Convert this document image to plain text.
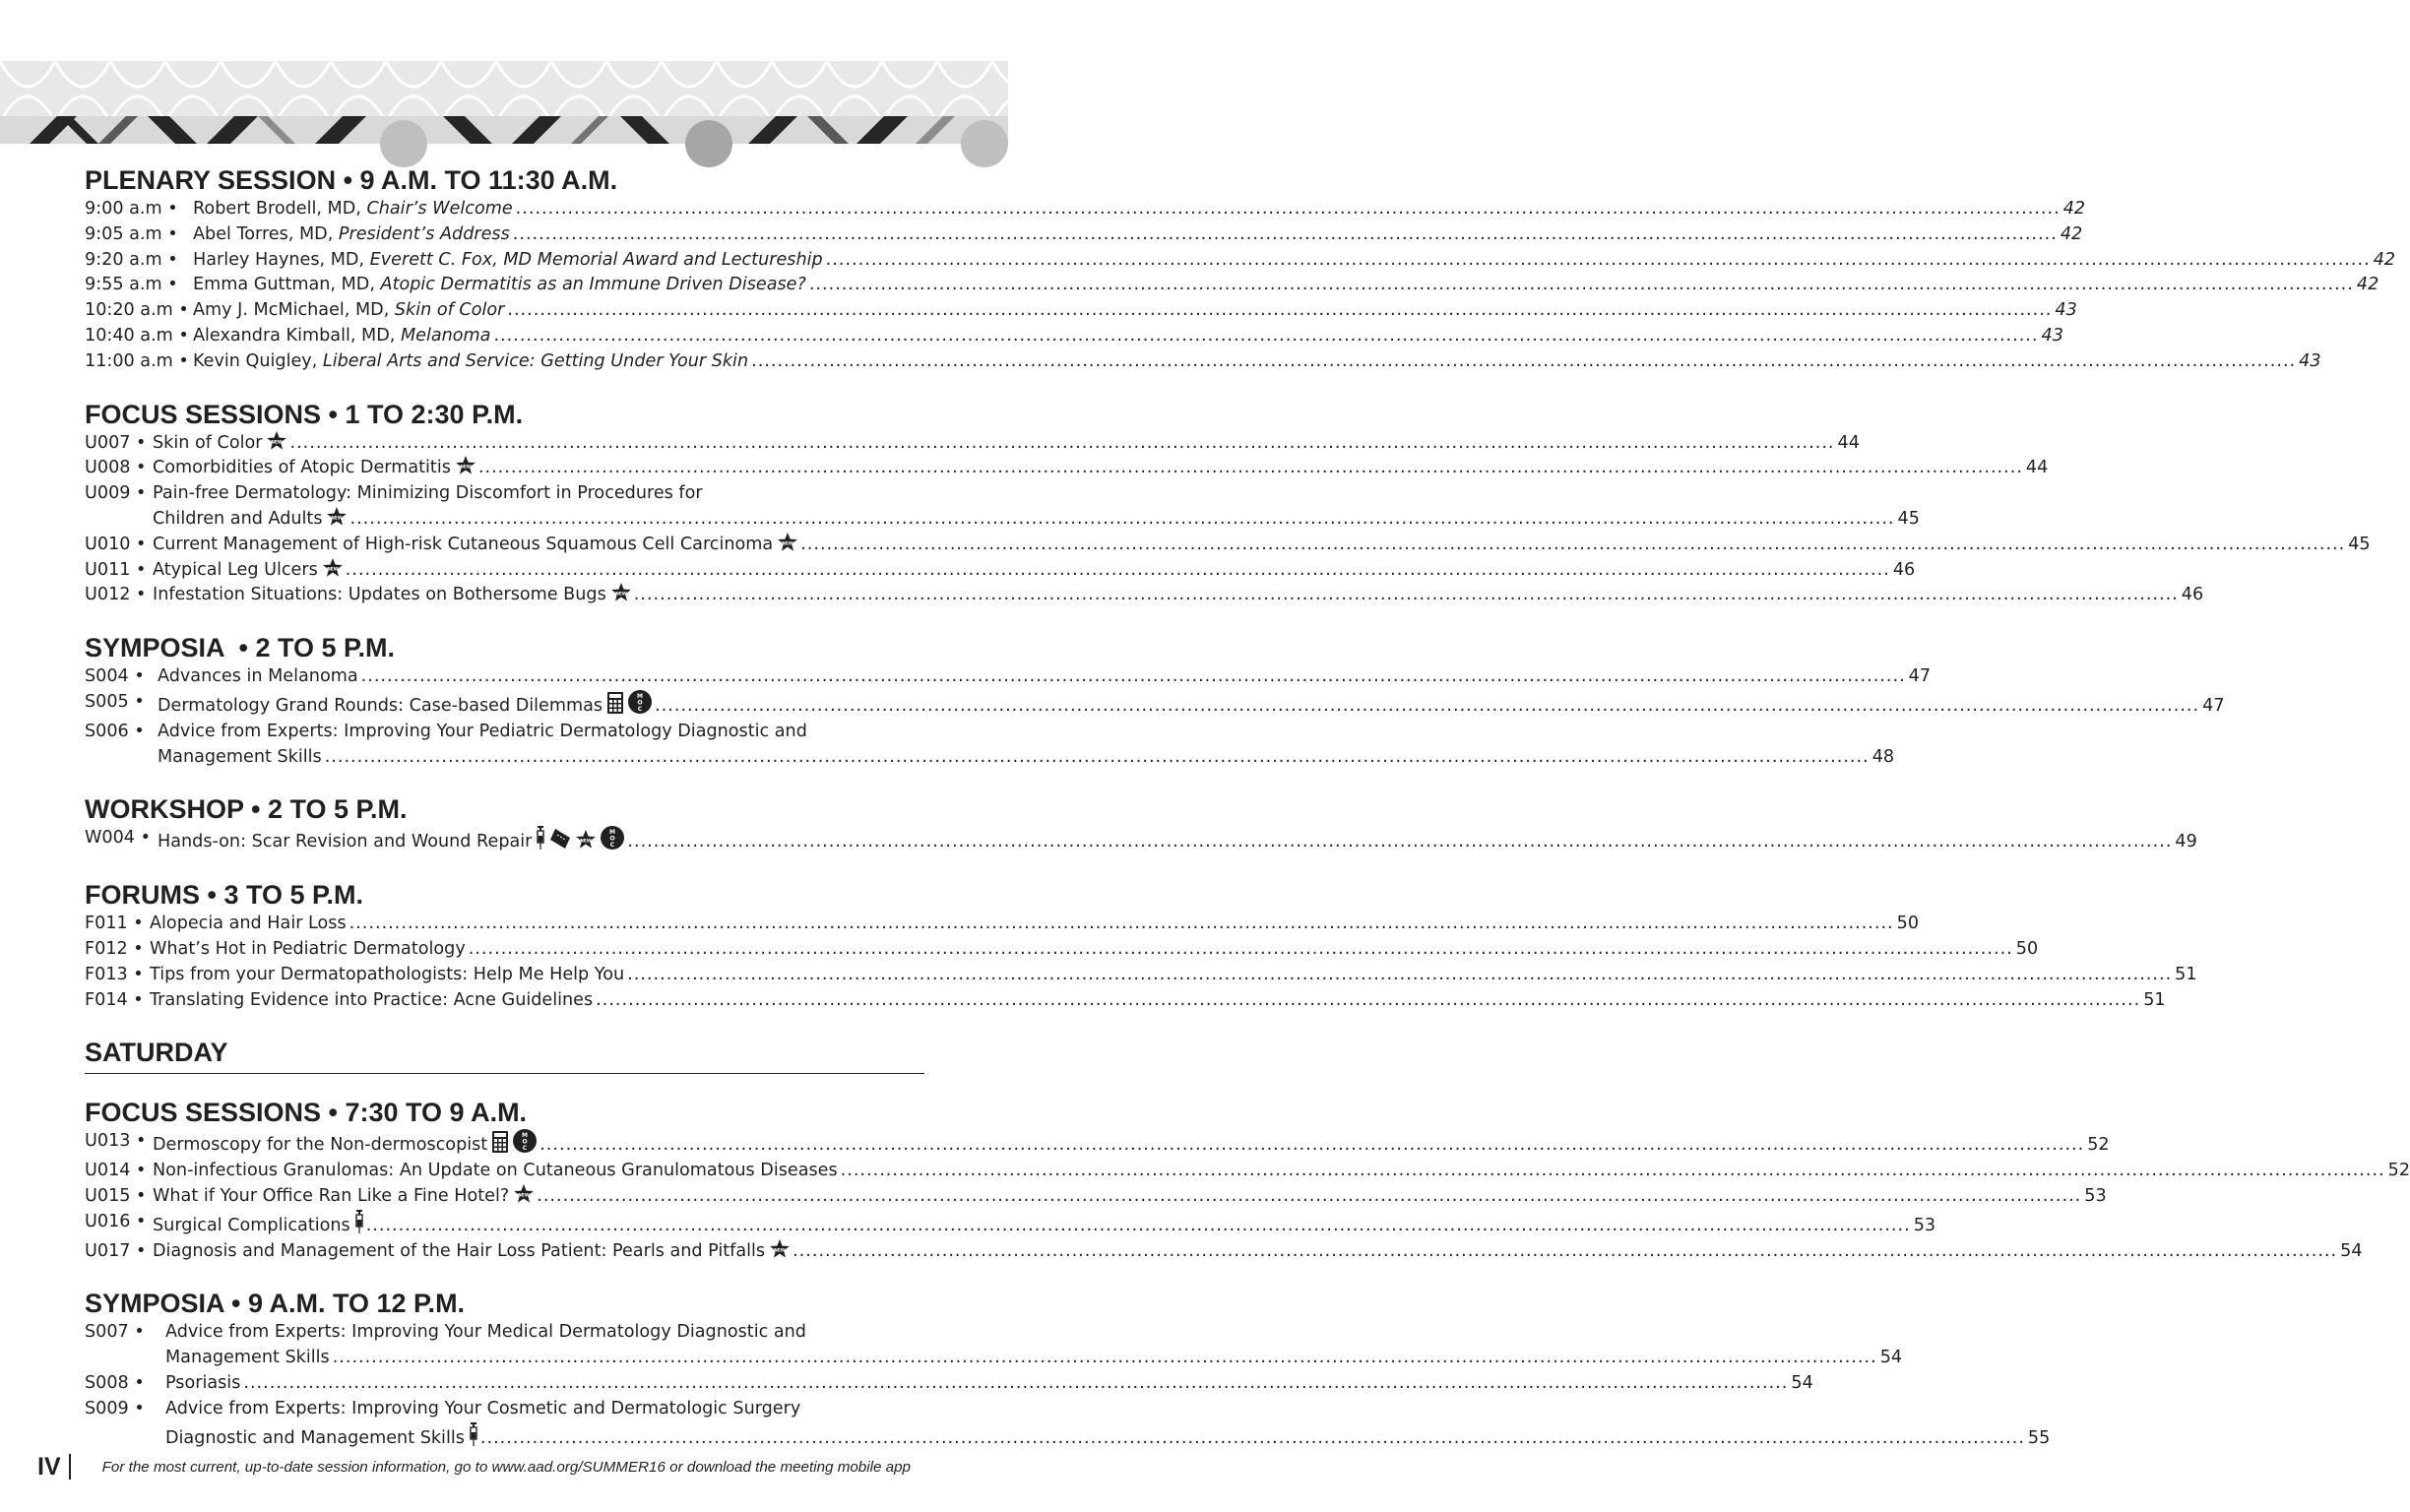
PLENARY SESSION • 9 A.M. TO 11:30 A.M.
9:00 a.m • Robert Brodell, MD, Chair’s Welcome .....	42
9:05 a.m • Abel Torres, MD, President’s Address .....	42
9:20 a.m • Harley Haynes, MD, Everett C. Fox, MD Memorial Award and Lectureship .....	42
9:55 a.m • Emma Guttman, MD, Atopic Dermatitis as an Immune Driven Disease? .....	42
10:20 a.m • Amy J. McMichael, MD, Skin of Color .....	43
10:40 a.m • Alexandra Kimball, MD, Melanoma .....	43
11:00 a.m • Kevin Quigley, Liberal Arts and Service: Getting Under Your Skin .....	43
FOCUS SESSIONS • 1 TO 2:30 P.M.
U007 • Skin of Color NEW .....	44
U008 • Comorbidities of Atopic Dermatitis NEW .....	44
U009 • Pain-free Dermatology: Minimizing Discomfort in Procedures for
Children and Adults NEW .....	45
U010 • Current Management of High-risk Cutaneous Squamous Cell Carcinoma NEW .....	45
U011 • Atypical Leg Ulcers NEW .....	46
U012 • Infestation Situations: Updates on Bothersome Bugs NEW .....	46
SYMPOSIA  • 2 TO 5 P.M.
S004 • Advances in Melanoma .....	47
S005 • Dermatology Grand Rounds: Case-based Dilemmas	M
O
C .....	47
S006 • Advice from Experts: Improving Your Pediatric Dermatology Diagnostic and
Management Skills .....	48
WORKSHOP • 2 TO 5 P.M.
W004 • Hands-on: Scar Revision and Wound Repair	NEW
M
O
C .....	49
FORUMS • 3 TO 5 P.M.
F011 • Alopecia and Hair Loss .....	50
F012 • What’s Hot in Pediatric Dermatology .....	50
F013 • Tips from your Dermatopathologists: Help Me Help You .....	51
F014 • Translating Evidence into Practice: Acne Guidelines .....	51
SATURDAY
FOCUS SESSIONS • 7:30 TO 9 A.M.
U013 • Dermoscopy for the Non-dermoscopist	M
O
C .....	52
U014 • Non-infectious Granulomas: An Update on Cutaneous Granulomatous Diseases .....	52
U015 • What if Your Office Ran Like a Fine Hotel? NEW .....	53
U016 • Surgical Complications .....	53
U017 • Diagnosis and Management of the Hair Loss Patient: Pearls and Pitfalls NEW .....	54
SYMPOSIA • 9 A.M. TO 12 P.M.
S007 •	Advice from Experts: Improving Your Medical Dermatology Diagnostic and
Management Skills .....	54
S008 •	Psoriasis .....	54
S009 •	Advice from Experts: Improving Your Cosmetic and Dermatologic Surgery
Diagnostic and Management Skills .....	55
IV	For the most current, up-to-date session information, go to www.aad.org/SUMMER16 or download the meeting mobile app
